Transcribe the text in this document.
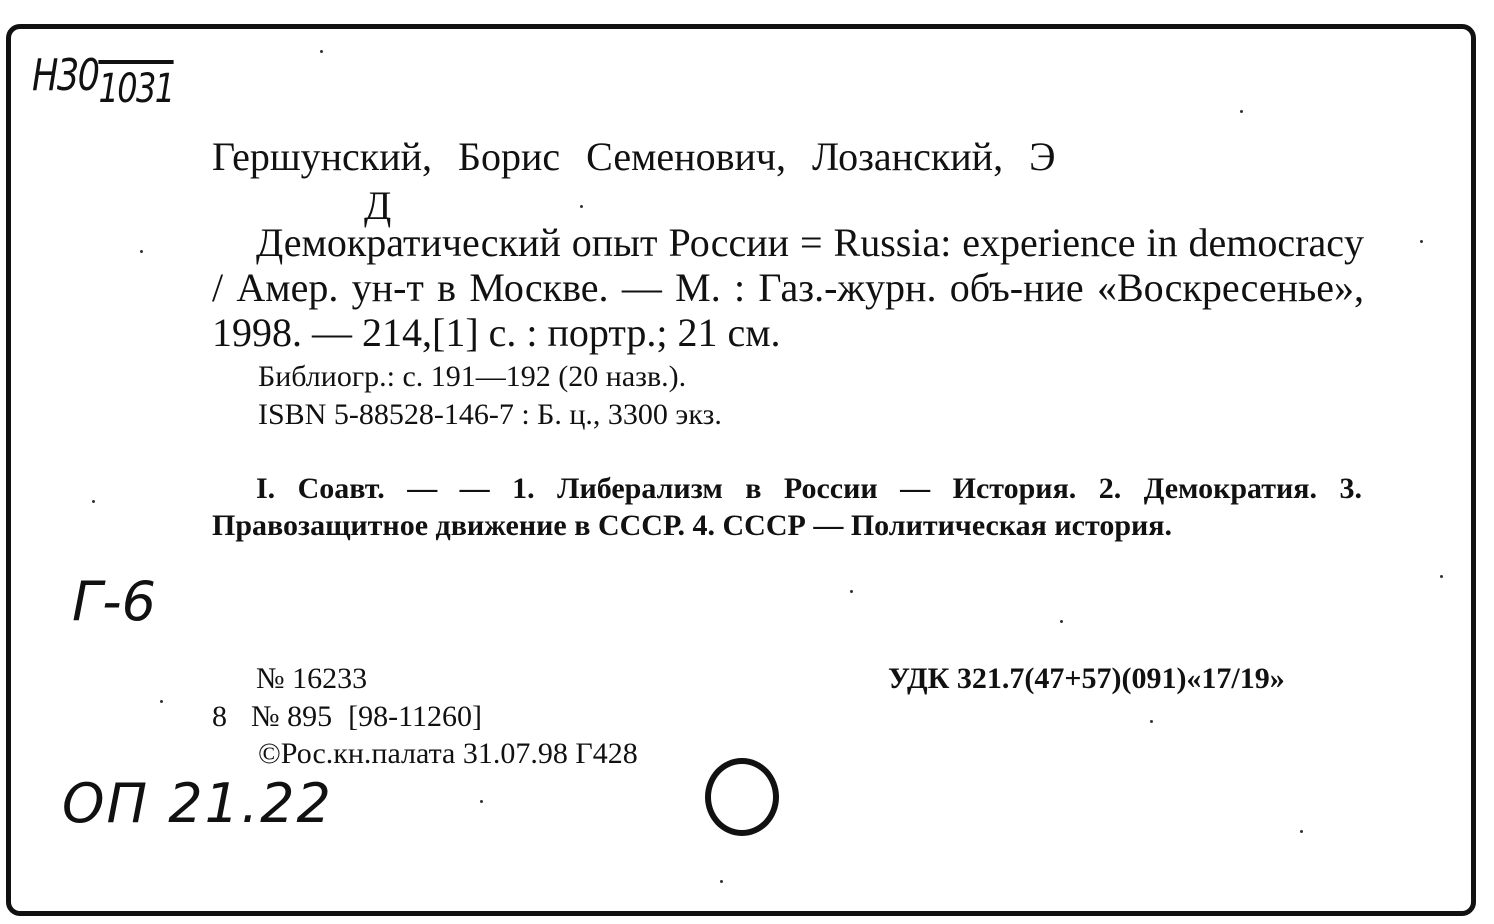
Н301031
Гершунский, Борис Семенович, Лозанский, Э
Д
Демократический опыт России = Russia: experience in democracy / Амер. ун-т в Москве. — М. : Газ.-журн. объ-ние «Воскресенье», 1998. — 214,[1] с. : портр.; 21 см.
Библиогр.: с. 191—192 (20 назв.).
ISBN 5-88528-146-7 : Б. ц., 3300 экз.
I. Соавт. — — 1. Либерализм в России — История. 2. Демократия. 3. Правозащитное движение в СССР. 4. СССР — Политическая история.
Г-6
№ 16233	УДК 321.7(47+57)(091)«17/19»
8 № 895 [98-11260]
©Рос.кн.палата 31.07.98 Г428
ОП 21.22
